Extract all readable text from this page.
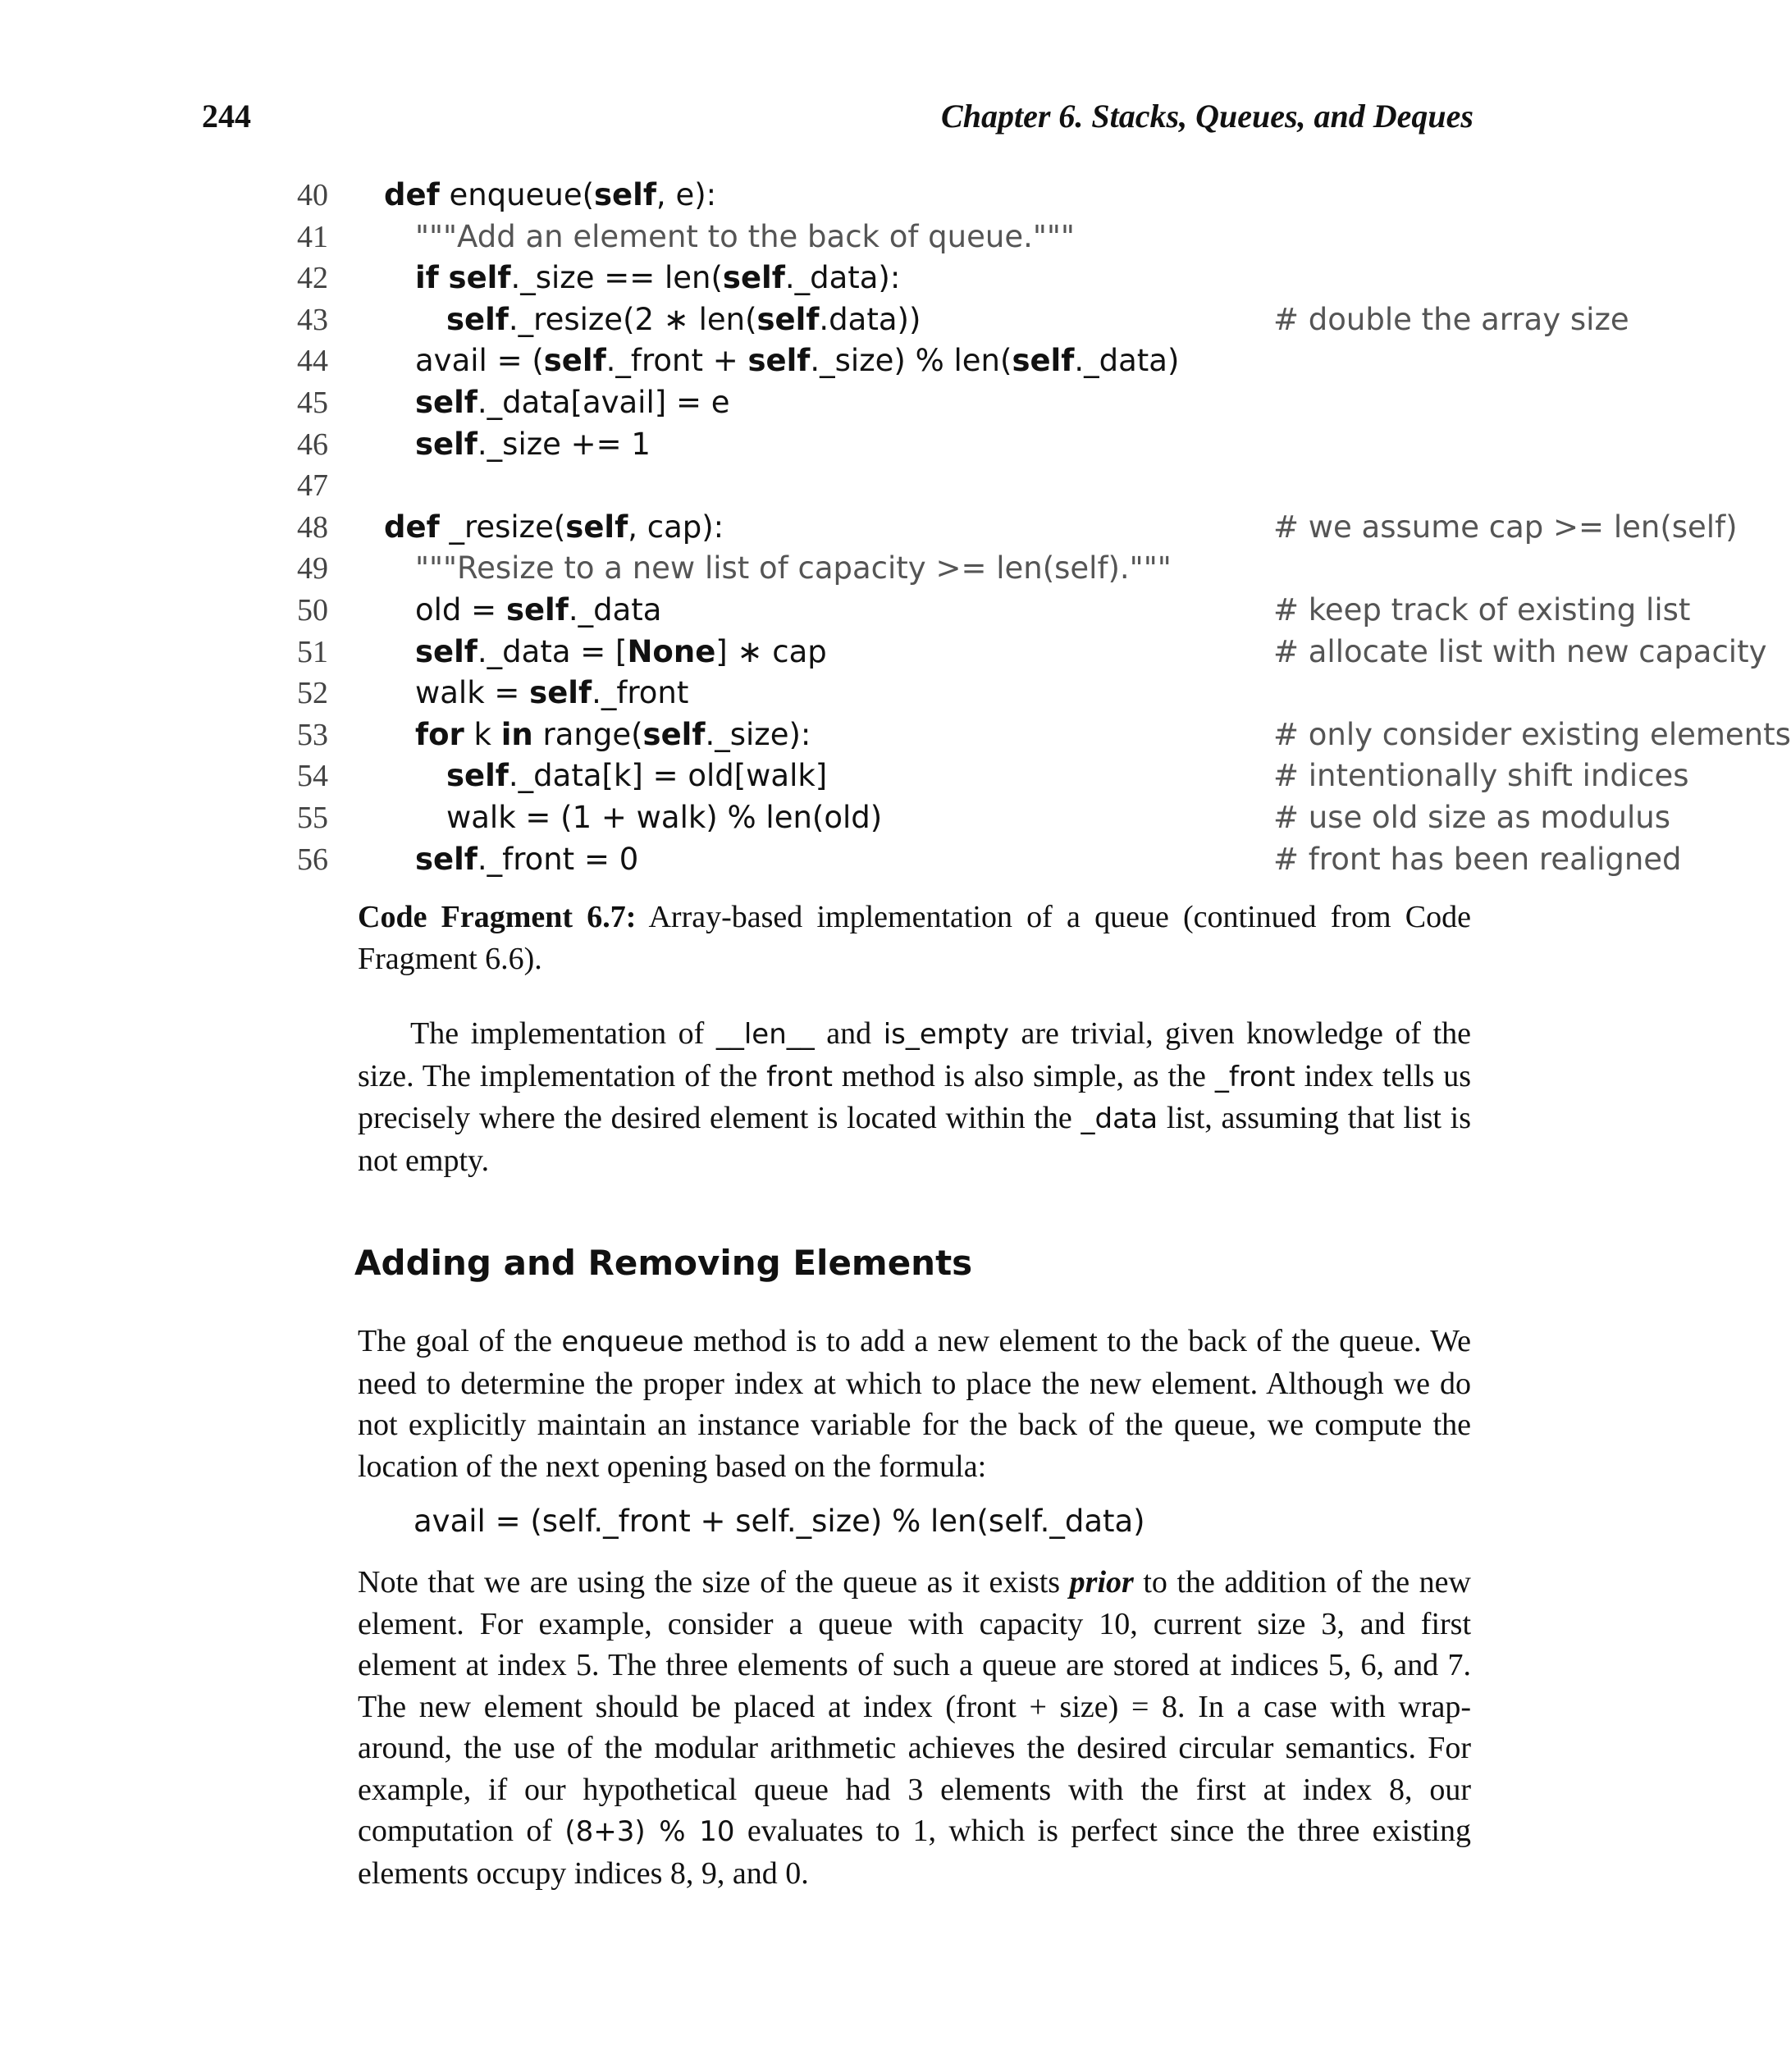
244	Chapter 6. Stacks, Queues, and Deques
40 def enqueue(self, e):
41	"""Add an element to the back of queue."""
42	if self._size == len(self._data):
43	self._resize(2 ∗ len(self.data))	# double the array size
44	avail = (self._front + self._size) % len(self._data)
45	self._data[avail] = e
46	self._size += 1
47
48 def _resize(self, cap):	# we assume cap >= len(self)
49	"""Resize to a new list of capacity >= len(self)."""
50	old = self._data	# keep track of existing list
51	self._data = [None] ∗ cap	# allocate list with new capacity
52	walk = self._front
53	for k in range(self._size):	# only consider existing elements
54	self._data[k] = old[walk]	# intentionally shift indices
55	walk = (1 + walk) % len(old)	# use old size as modulus
56	self._front = 0	# front has been realigned
Code Fragment 6.7: Array-based implementation of a queue (continued from Code Fragment 6.6).
The implementation of __len__ and is_empty are trivial, given knowledge of the size. The implementation of the front method is also simple, as the _front index tells us precisely where the desired element is located within the _data list, assuming that list is not empty.
Adding and Removing Elements
The goal of the enqueue method is to add a new element to the back of the queue. We need to determine the proper index at which to place the new element. Although we do not explicitly maintain an instance variable for the back of the queue, we compute the location of the next opening based on the formula:
avail = (self._front + self._size) % len(self._data)
Note that we are using the size of the queue as it exists prior to the addition of the new element. For example, consider a queue with capacity 10, current size 3, and first element at index 5. The three elements of such a queue are stored at indices 5, 6, and 7. The new element should be placed at index (front + size) = 8. In a case with wrap-around, the use of the modular arithmetic achieves the desired circular semantics. For example, if our hypothetical queue had 3 elements with the first at index 8, our computation of (8+3) % 10 evaluates to 1, which is perfect since the three existing elements occupy indices 8, 9, and 0.
